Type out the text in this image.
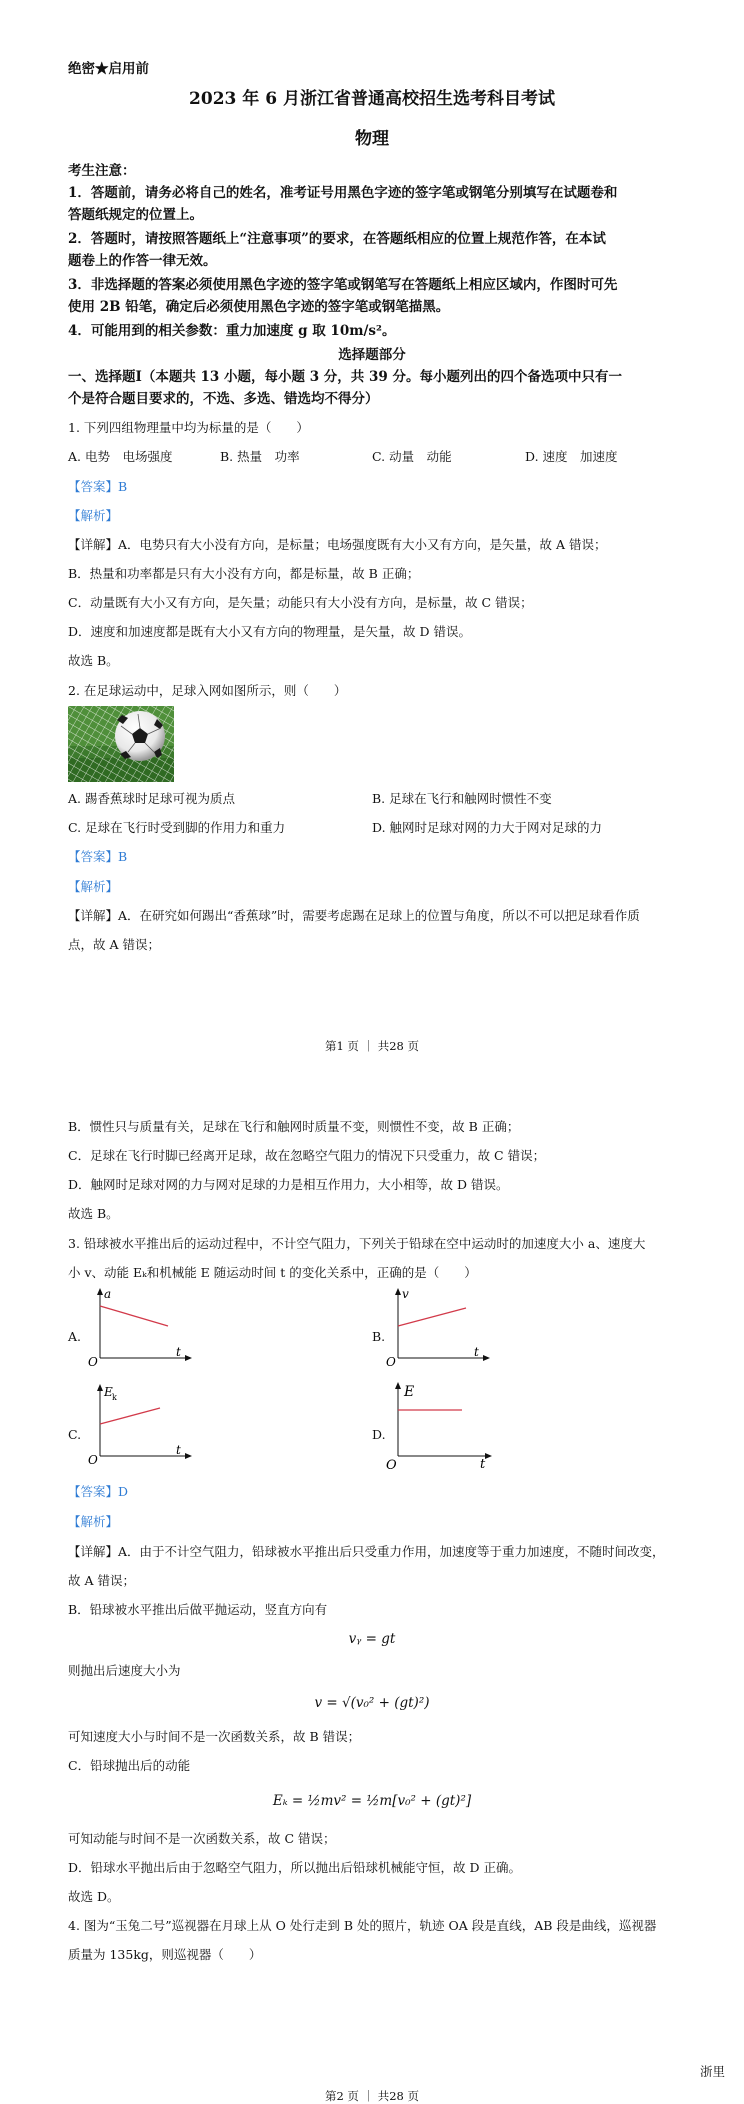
绝密★启用前
2023 年 6 月浙江省普通高校招生选考科目考试
物理
考生注意：
1．答题前，请务必将自己的姓名，准考证号用黑色字迹的签字笔或钢笔分别填写在试题卷和
答题纸规定的位置上。
2．答题时，请按照答题纸上“注意事项”的要求，在答题纸相应的位置上规范作答，在本试
题卷上的作答一律无效。
3．非选择题的答案必须使用黑色字迹的签字笔或钢笔写在答题纸上相应区域内，作图时可先
使用 2B 铅笔，确定后必须使用黑色字迹的签字笔或钢笔描黑。
4．可能用到的相关参数：重力加速度 g 取 10m/s²。
选择题部分
一、选择题Ⅰ（本题共 13 小题，每小题 3 分，共 39 分。每小题列出的四个备选项中只有一
个是符合题目要求的，不选、多选、错选均不得分）
1. 下列四组物理量中均为标量的是（　　）
A. 电势　电场强度	B. 热量　功率	C. 动量　动能	D. 速度　加速度
【答案】B
【解析】
【详解】A．电势只有大小没有方向，是标量；电场强度既有大小又有方向，是矢量，故 A 错误；
B．热量和功率都是只有大小没有方向，都是标量，故 B 正确；
C．动量既有大小又有方向，是矢量；动能只有大小没有方向，是标量，故 C 错误；
D．速度和加速度都是既有大小又有方向的物理量，是矢量，故 D 错误。
故选 B。
2. 在足球运动中，足球入网如图所示，则（　　）
A. 踢香蕉球时足球可视为质点	B. 足球在飞行和触网时惯性不变
C. 足球在飞行时受到脚的作用力和重力	D. 触网时足球对网的力大于网对足球的力
【答案】B
【解析】
【详解】A．在研究如何踢出“香蕉球”时，需要考虑踢在足球上的位置与角度，所以不可以把足球看作质
点，故 A 错误；
第1 页 ｜ 共28 页
B．惯性只与质量有关，足球在飞行和触网时质量不变，则惯性不变，故 B 正确；
C．足球在飞行时脚已经离开足球，故在忽略空气阻力的情况下只受重力，故 C 错误；
D．触网时足球对网的力与网对足球的力是相互作用力，大小相等，故 D 错误。
故选 B。
3. 铅球被水平推出后的运动过程中，不计空气阻力，下列关于铅球在空中运动时的加速度大小 a、速度大
小 v、动能 Eₖ和机械能 E 随运动时间 t 的变化关系中，正确的是（　　）
A.
a
t
O
B.
v
t
O
C.
E k
t
O
D.
E
t
O
【答案】D
【解析】
【详解】A．由于不计空气阻力，铅球被水平推出后只受重力作用，加速度等于重力加速度，不随时间改变，
故 A 错误；
B．铅球被水平推出后做平抛运动，竖直方向有
vᵧ = gt
则抛出后速度大小为
v = √(v₀² + (gt)²)
可知速度大小与时间不是一次函数关系，故 B 错误；
C．铅球抛出后的动能
Eₖ = ½mv² = ½m[v₀² + (gt)²]
可知动能与时间不是一次函数关系，故 C 错误；
D．铅球水平抛出后由于忽略空气阻力，所以抛出后铅球机械能守恒，故 D 正确。
故选 D。
4. 图为“玉兔二号”巡视器在月球上从 O 处行走到 B 处的照片，轨迹 OA 段是直线，AB 段是曲线，巡视器
质量为 135kg，则巡视器（　　）
浙里
第2 页 ｜ 共28 页
